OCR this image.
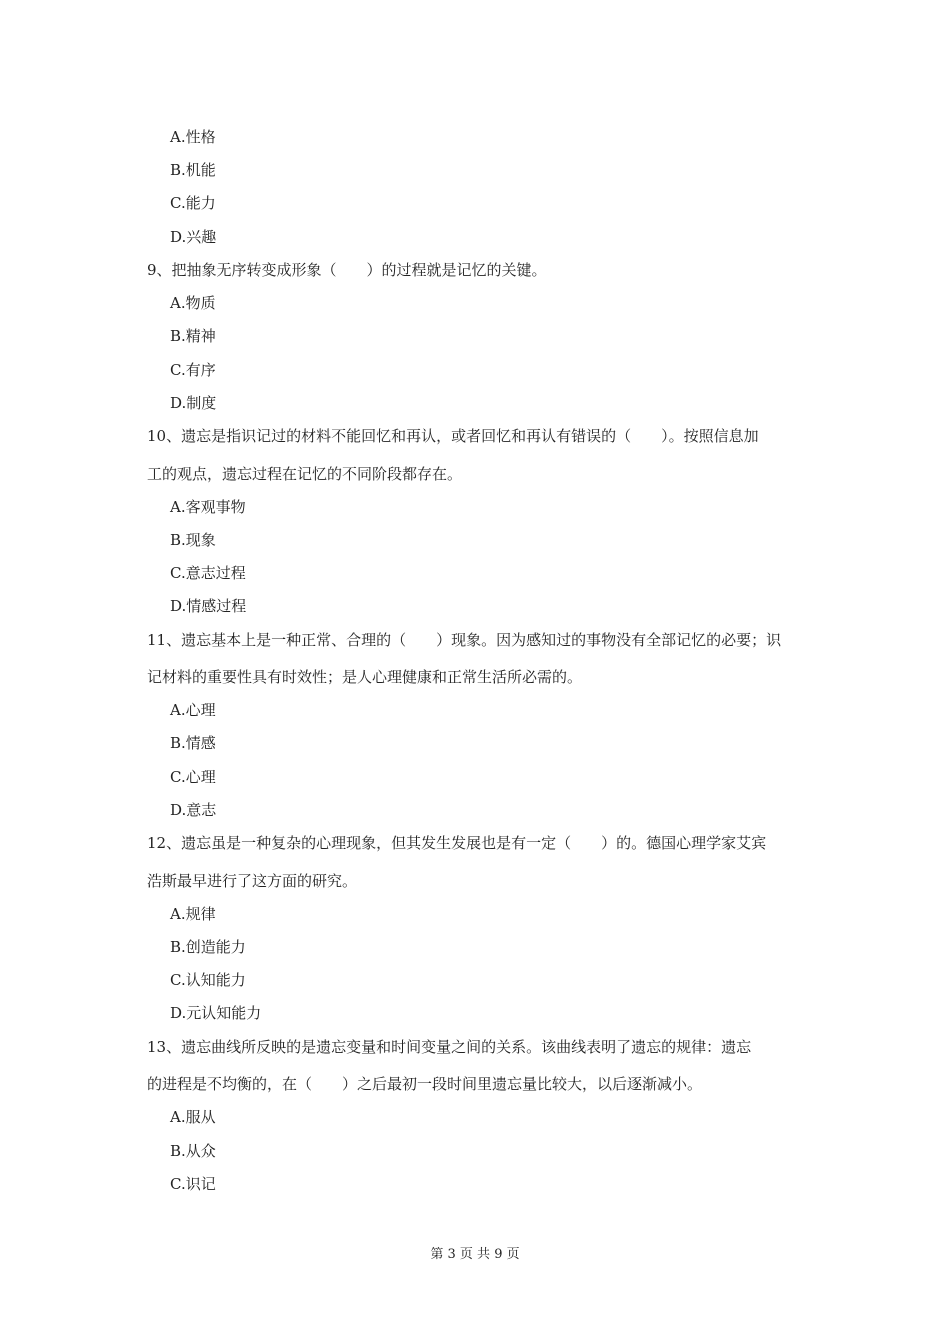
A.性格
B.机能
C.能力
D.兴趣
9、把抽象无序转变成形象（　　）的过程就是记忆的关键。
A.物质
B.精神
C.有序
D.制度
10、遗忘是指识记过的材料不能回忆和再认，或者回忆和再认有错误的（　　）。按照信息加
工的观点，遗忘过程在记忆的不同阶段都存在。
A.客观事物
B.现象
C.意志过程
D.情感过程
11、遗忘基本上是一种正常、合理的（　　）现象。因为感知过的事物没有全部记忆的必要；识
记材料的重要性具有时效性；是人心理健康和正常生活所必需的。
A.心理
B.情感
C.心理
D.意志
12、遗忘虽是一种复杂的心理现象，但其发生发展也是有一定（　　）的。德国心理学家艾宾
浩斯最早进行了这方面的研究。
A.规律
B.创造能力
C.认知能力
D.元认知能力
13、遗忘曲线所反映的是遗忘变量和时间变量之间的关系。该曲线表明了遗忘的规律：遗忘
的进程是不均衡的，在（　　）之后最初一段时间里遗忘量比较大，以后逐渐减小。
A.服从
B.从众
C.识记
第 3 页 共 9 页
